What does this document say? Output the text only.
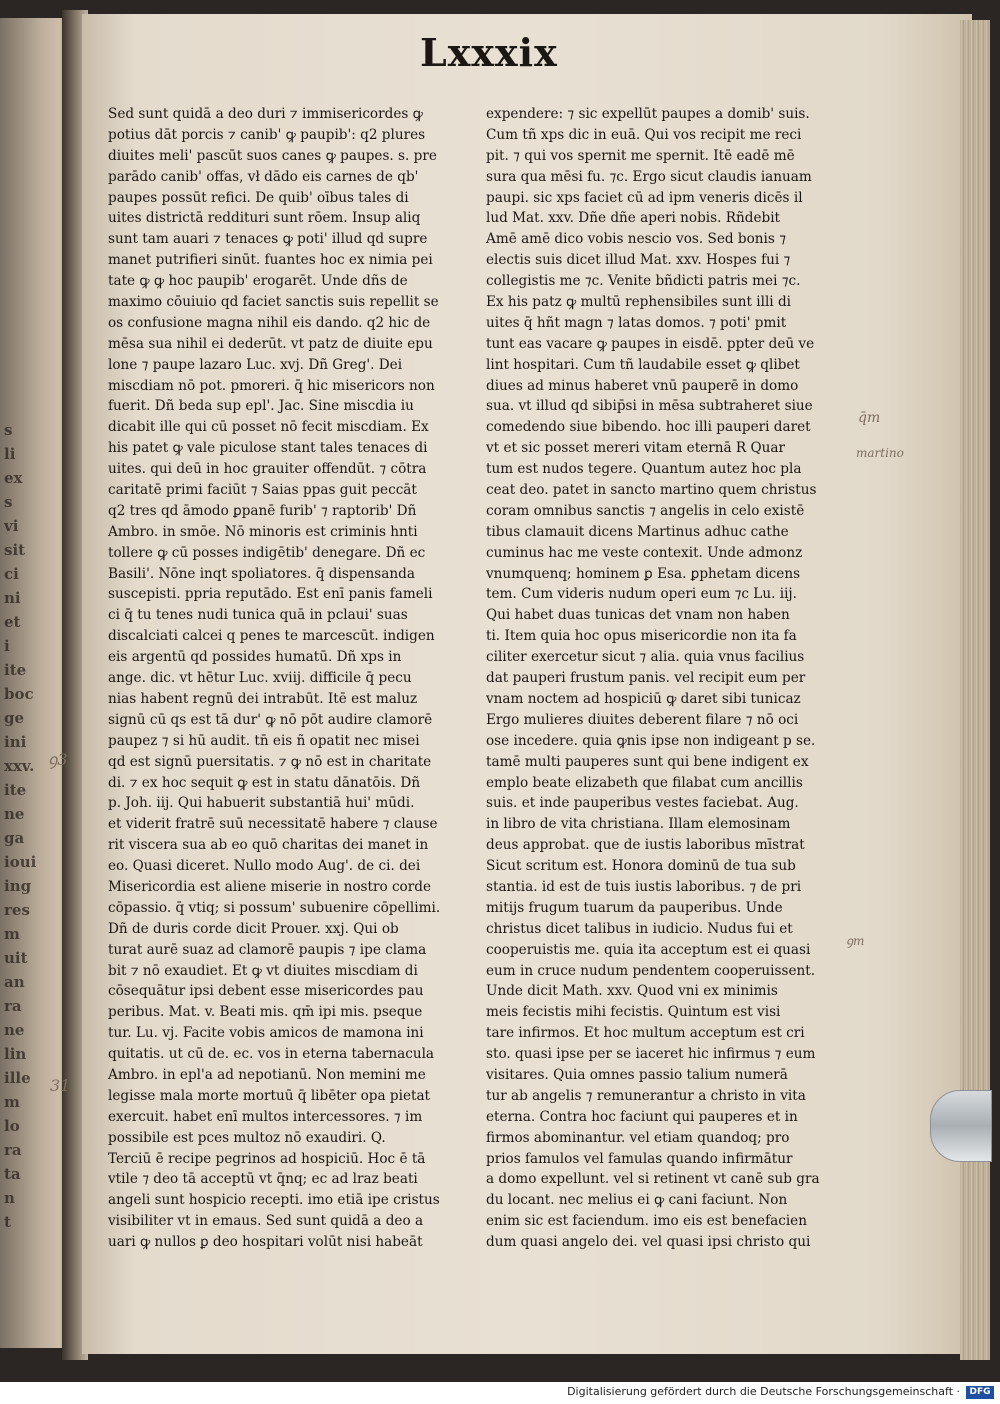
s
li
ex
s
vi
sit
ci
ni
et
i
ite
boc
ge
ini
xxv.
ite
ne
ga
ioui
ing
res
m
uit
an
ra
ne
lin
ille
m
lo
ra
ta
n
t
Lxxxix
Sed sunt quidā a deo duri ⁊ immisericordes ꝙ
potius dāt porcis ⁊ canib' ꝙ paupib': q2 plures
diuites meli' pascūt suos canes ꝙ paupes. s. pre
parādo canib' offas, vł dādo eis carnes de qb'
paupes possūt refici. De quib' oībus tales di
uites districtā reddituri sunt rōem. Insup aliq
sunt tam auari ⁊ tenaces ꝙ poti' illud qd supre
manet putrifieri sinūt. fuantes hoc ex nimia pei
tate ꝙ ꝙ hoc paupib' erogarēt. Unde dñs de
maximo cōuiuio qd faciet sanctis suis repellit se
os confusione magna nihil eis dando. q2 hic de
mēsa sua nihil ei dederūt. vt patz de diuite epu
lone ⁊ paupe lazaro Luc. xvj. Dñ Greg'. Dei
miscdiam nō pot. pmoreri. q̄ hic misericors non
fuerit. Dñ beda sup epl'. Jac. Sine miscdia iu
dicabit ille qui cū posset nō fecit miscdiam. Ex
his patet ꝙ vale piculose stant tales tenaces di
uites. qui deū in hoc grauiter offendūt. ⁊ cōtra
caritatē primi faciūt ⁊ Saias ppas guit peccāt
q2 tres qd āmodo ꝑpanē furib' ⁊ raptorib' Dñ
Ambro. in smōe. Nō minoris est criminis hnti
tollere ꝙ cū posses indigētib' denegare. Dñ ec
Basili'. Nōne inqt spoliatores. q̄ dispensanda
suscepisti. ppria reputādo. Est enī panis fameli
ci q̄ tu tenes nudi tunica quā in pclaui' suas
discalciati calcei q penes te marcescūt. indigen
eis argentū qd possides humatū. Dñ xps in
ange. dic. vt hētur Luc. xviij. difficile q̄ pecu
nias habent regnū dei intrabūt. Itē est maluz
signū cū qs est tā dur' ꝙ nō pōt audire clamorē
paupez ⁊ si hū audit. tn̄ eis ñ opatit nec misei
qd est signū puersitatis. ⁊ ꝙ nō est in charitate
di. ⁊ ex hoc sequit ꝙ est in statu dānatōis. Dñ
p. Joh. iij. Qui habuerit substantiā hui' mūdi.
et viderit fratrē suū necessitatē habere ⁊ clause
rit viscera sua ab eo quō charitas dei manet in
eo. Quasi diceret. Nullo modo Aug'. de ci. dei
Misericordia est aliene miserie in nostro corde
cōpassio. q̄ vtiq; si possum' subuenire cōpellimi.
Dñ de duris corde dicit Prouer. xxj. Qui ob
turat aurē suaz ad clamorē paupis ⁊ ipe clama
bit ⁊ nō exaudiet. Et ꝙ vt diuites miscdiam di
cōsequātur ipsi debent esse misericordes pau
peribus. Mat. v. Beati mis. qm̄ ipi mis. pseque
tur. Lu. vj. Facite vobis amicos de mamona ini
quitatis. ut cū de. ec. vos in eterna tabernacula
Ambro. in epl'a ad nepotianū. Non memini me
legisse mala morte mortuū q̄ libēter opa pietat
exercuit. habet enī multos intercessores. ⁊ im
possibile est pces multoz nō exaudiri. Q.
Terciū ē recipe pegrinos ad hospiciū. Hoc ē tā
vtile ⁊ deo tā acceptū vt q̄nq; ec ad lraz beati
angeli sunt hospicio recepti. imo etiā ipe cristus
visibiliter vt in emaus. Sed sunt quidā a deo a
uari ꝙ nullos ꝑ deo hospitari volūt nisi habeāt
expendere: ⁊ sic expellūt paupes a domib' suis.
Cum tñ xps dic in euā. Qui vos recipit me reci
pit. ⁊ qui vos spernit me spernit. Itē eadē mē
sura qua mēsi fu. ⁊c. Ergo sicut claudis ianuam
paupi. sic xps faciet cū ad ipm veneris dicēs il
lud Mat. xxv. Dñe dñe aperi nobis. Rñdebit
Amē amē dico vobis nescio vos. Sed bonis ⁊
electis suis dicet illud Mat. xxv. Hospes fui ⁊
collegistis me ⁊c. Venite bñdicti patris mei ⁊c.
Ex his patz ꝙ multū rephensibiles sunt illi di
uites q̄ hñt magn ⁊ latas domos. ⁊ poti' pmit
tunt eas vacare ꝙ paupes in eisdē. ppter deū ve
lint hospitari. Cum tñ laudabile esset ꝙ qlibet
diues ad minus haberet vnū pauperē in domo
sua. vt illud qd sibip̄si in mēsa subtraheret siue
comedendo siue bibendo. hoc illi pauperi daret
vt et sic posset mereri vitam eternā R Quar
tum est nudos tegere. Quantum autez hoc pla
ceat deo. patet in sancto martino quem christus
coram omnibus sanctis ⁊ angelis in celo existē
tibus clamauit dicens Martinus adhuc cathe
cuminus hac me veste contexit. Unde admonz
vnumquenq; hominem ꝑ Esa. ꝑphetam dicens
tem. Cum videris nudum operi eum ⁊c Lu. iij.
Qui habet duas tunicas det vnam non haben
ti. Item quia hoc opus misericordie non ita fa
ciliter exercetur sicut ⁊ alia. quia vnus facilius
dat pauperi frustum panis. vel recipit eum per
vnam noctem ad hospiciū ꝙ daret sibi tunicaz
Ergo mulieres diuites deberent filare ⁊ nō oci
ose incedere. quia ꝙnis ipse non indigeant p se.
tamē multi pauperes sunt qui bene indigent ex
emplo beate elizabeth que filabat cum ancillis
suis. et inde pauperibus vestes faciebat. Aug.
in libro de vita christiana. Illam elemosinam
deus approbat. que de iustis laboribus mīstrat
Sicut scritum est. Honora dominū de tua sub
stantia. id est de tuis iustis laboribus. ⁊ de pri
mitijs frugum tuarum da pauperibus. Unde
christus dicet talibus in iudicio. Nudus fui et
cooperuistis me. quia ita acceptum est ei quasi
eum in cruce nudum pendentem cooperuissent.
Unde dicit Math. xxv. Quod vni ex minimis
meis fecistis mihi fecistis. Quintum est visi
tare infirmos. Et hoc multum acceptum est cri
sto. quasi ipse per se iaceret hic infirmus ⁊ eum
visitares. Quia omnes passio talium numerā
tur ab angelis ⁊ remunerantur a christo in vita
eterna. Contra hoc faciunt qui pauperes et in
firmos abominantur. vel etiam quandoq; pro
prios famulos vel famulas quando infirmātur
a domo expellunt. vel si retinent vt canē sub gra
du locant. nec melius ei ꝙ cani faciunt. Non
enim sic est faciendum. imo eis est benefacien
dum quasi angelo dei. vel quasi ipsi christo qui
q̄m
martino
ꝯm
ꝯ3
31
Digitalisierung gefördert durch die Deutsche Forschungsgemeinschaft ·	DFG
